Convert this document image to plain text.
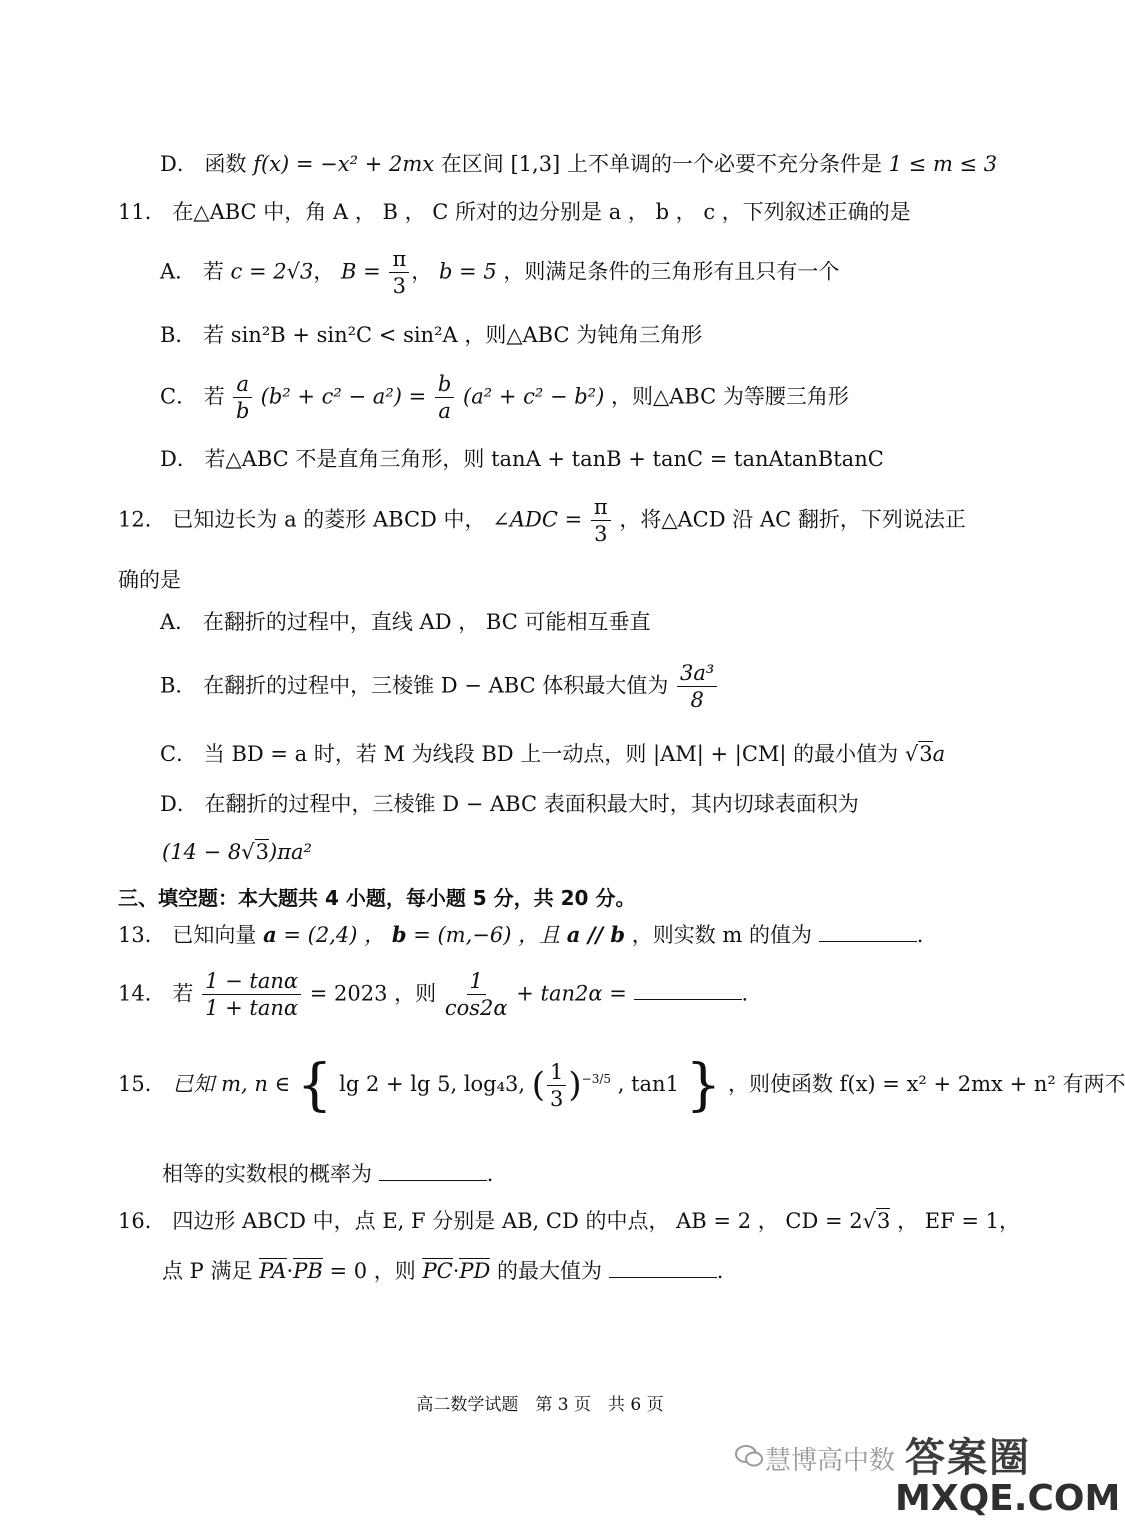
D． 函数 f(x) = −x² + 2mx 在区间 [1,3] 上不单调的一个必要不充分条件是 1 ≤ m ≤ 3
11． 在△ABC 中，角 A ， B ， C 所对的边分别是 a ， b ， c ，下列叙述正确的是
A． 若 c = 2√3， $B = \frac{\pi}{3}$ ， b = 5 ，则满足条件的三角形有且只有一个
B． 若 sin²B + sin²C < sin²A ，则△ABC 为钝角三角形
C． 若 $\frac{a}{b} (b^2 + c^2 - a^2) = \frac{b}{a} (a^2 + c^2 - b^2)$ ，则△ABC 为等腰三角形
D． 若△ABC 不是直角三角形，则 tanA + tanB + tanC = tanAtanBtanC
12． 已知边长为 a 的菱形 ABCD 中， ∠ADC = $\frac{\pi}{3}$ ，将△ACD 沿 AC 翻折，下列说法正
确的是
A． 在翻折的过程中，直线 AD ， BC 可能相互垂直
B． 在翻折的过程中，三棱锥 D − ABC 体积最大值为 $\frac{\text{3a³}}{8}$
C． 当 BD = a 时，若 M 为线段 BD 上一动点，则 |AM| + |CM| 的最小值为 √3a
D． 在翻折的过程中，三棱锥 D − ABC 表面积最大时，其内切球表面积为
(14 − 8√3)πa²
三、填空题：本大题共 4 小题，每小题 5 分，共 20 分。
13． 已知向量 a = (2,4) ， b = (m,−6) ，且 a // b ，则实数 m 的值为	.
14． 若 $\frac{1 - \tan\alpha}{1 + \tan\alpha} = 2023$ ，则 $\frac{1}{\cos 2\alpha} + \tan 2\alpha$ =	.
15． 已知 m, n ∈ { lg 2 + lg 5, log₄3, ( $\frac{1}{3} )^{-3/5}$ , tan1 } ，则使函数 f(x) = x² + 2mx + n² 有两不
相等的实数根的概率为	.
16． 四边形 ABCD 中，点 E, F 分别是 AB, CD 的中点， AB = 2 ， CD = 2√3 ， EF = 1，
点 P 满足 PA·PB = 0 ，则 PC·PD 的最大值为	.
高二数学试题　第 3 页　共 6 页
慧博高中数 答案圈
MXQE.COM
